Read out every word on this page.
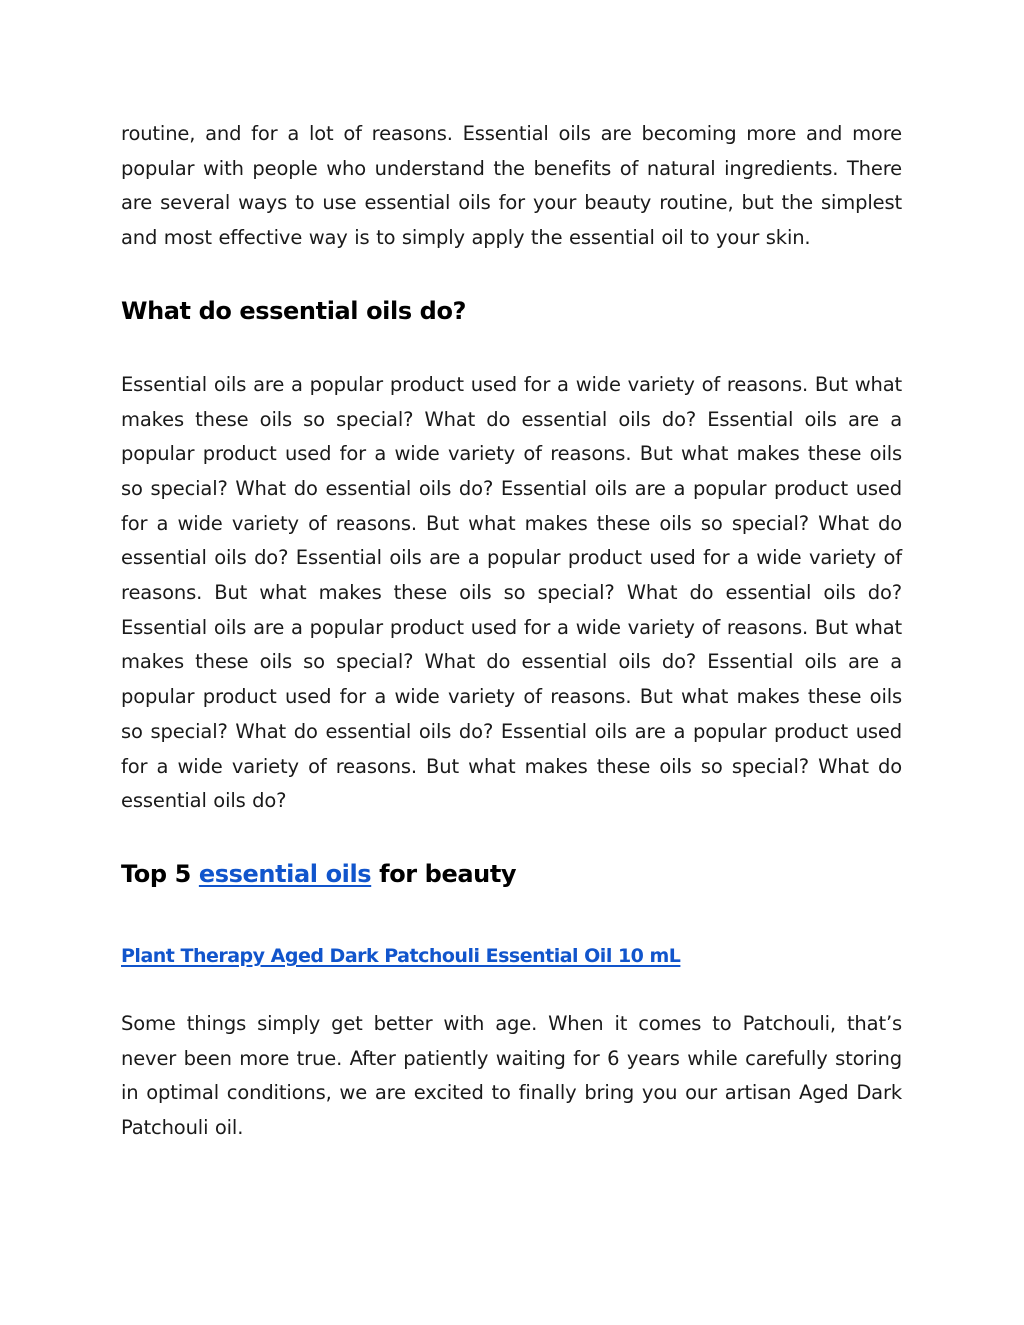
routine, and for a lot of reasons. Essential oils are becoming more and more popular with people who understand the benefits of natural ingredients. There are several ways to use essential oils for your beauty routine, but the simplest and most effective way is to simply apply the essential oil to your skin.

What do essential oils do?

Essential oils are a popular product used for a wide variety of reasons. But what makes these oils so special? What do essential oils do? Essential oils are a popular product used for a wide variety of reasons. But what makes these oils so special? What do essential oils do? Essential oils are a popular product used for a wide variety of reasons. But what makes these oils so special? What do essential oils do? Essential oils are a popular product used for a wide variety of reasons. But what makes these oils so special? What do essential oils do? Essential oils are a popular product used for a wide variety of reasons. But what makes these oils so special? What do essential oils do? Essential oils are a popular product used for a wide variety of reasons. But what makes these oils so special? What do essential oils do? Essential oils are a popular product used for a wide variety of reasons. But what makes these oils so special? What do essential oils do?

Top 5 essential oils for beauty
Plant Therapy Aged Dark Patchouli Essential Oil 10 mL

Some things simply get better with age. When it comes to Patchouli, that’s never been more true. After patiently waiting for 6 years while carefully storing in optimal conditions, we are excited to finally bring you our artisan Aged Dark Patchouli oil.
